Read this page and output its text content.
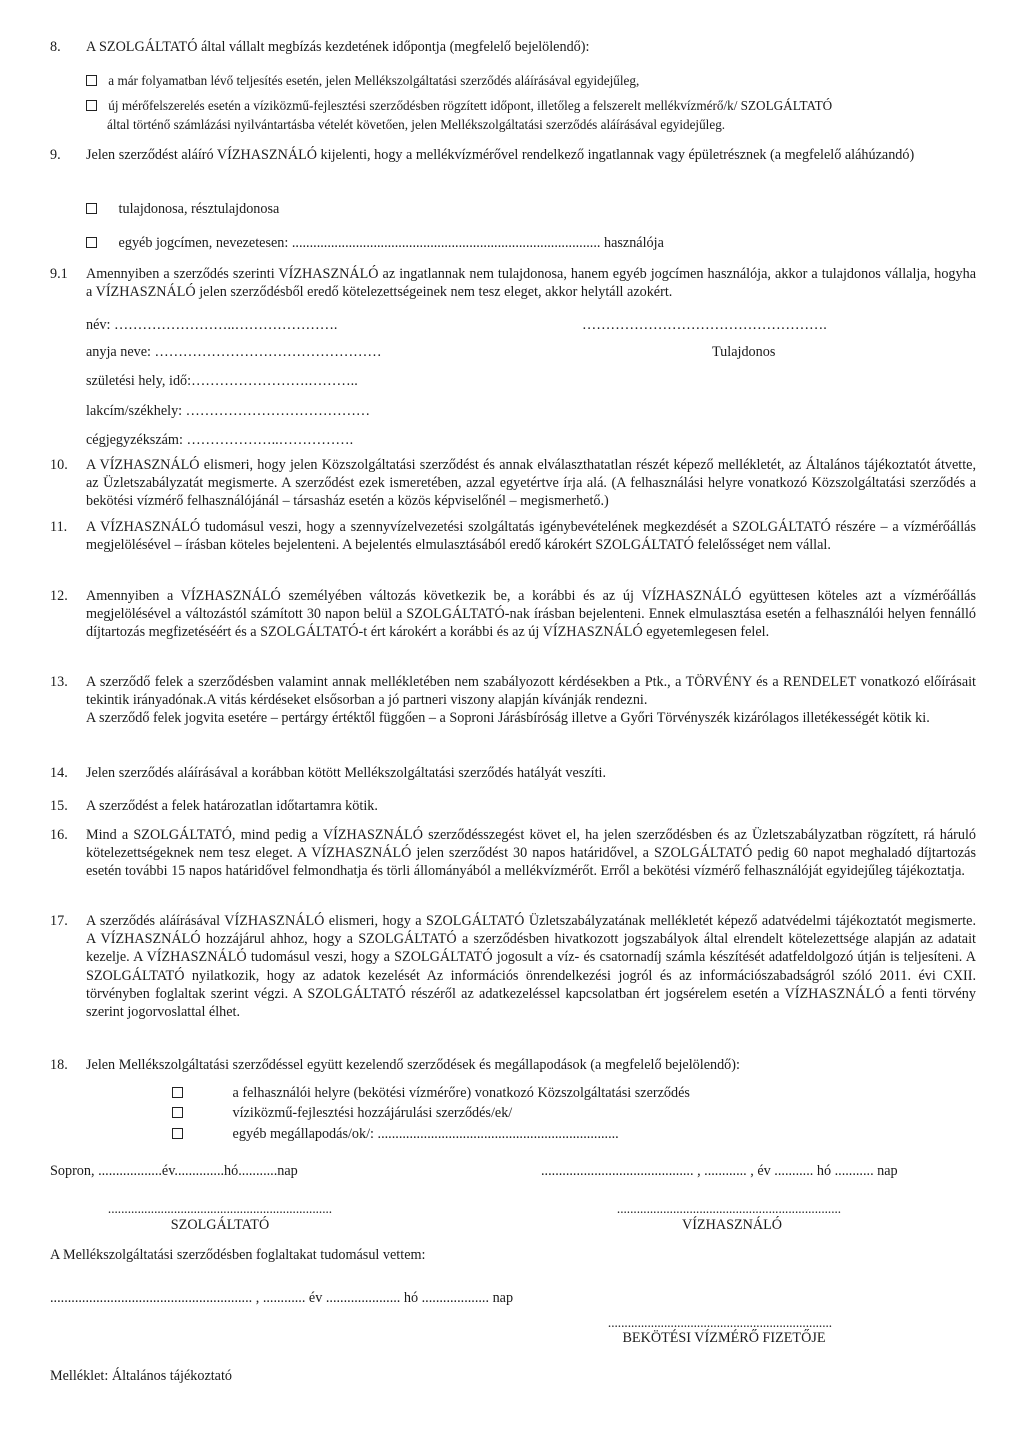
8. A SZOLGÁLTATÓ által vállalt megbízás kezdetének időpontja (megfelelő bejelölendő):
a már folyamatban lévő teljesítés esetén, jelen Mellékszolgáltatási szerződés aláírásával egyidejűleg,
új mérőfelszerelés esetén a víziközmű-fejlesztési szerződésben rögzített időpont, illetőleg a felszerelt mellékvízmérő/k/ SZOLGÁLTATÓ
által történő számlázási nyilvántartásba vételét követően, jelen Mellékszolgáltatási szerződés aláírásával egyidejűleg.
9. Jelen szerződést aláíró VÍZHASZNÁLÓ kijelenti, hogy a mellékvízmérővel rendelkező ingatlannak vagy épületrésznek (a megfelelő aláhúzandó)
tulajdonosa, résztulajdonosa
egyéb jogcímen, nevezetesen: ....................................................................................... használója
9.1 Amennyiben a szerződés szerinti VÍZHASZNÁLÓ az ingatlannak nem tulajdonosa, hanem egyéb jogcímen használója, akkor a tulajdonos vállalja, hogyha a VÍZHASZNÁLÓ jelen szerződésből eredő kötelezettségeinek nem tesz eleget, akkor helytáll azokért.
név: ……………………..………………….	…………………………………………….
anyja neve: …………………………………………	Tulajdonos
születési hely, idő:…………………….………..
lakcím/székhely: …………………………………
cégjegyzékszám: ………………..…………….
10. A VÍZHASZNÁLÓ elismeri, hogy jelen Közszolgáltatási szerződést és annak elválaszthatatlan részét képező mellékletét, az Általános tájékoztatót átvette, az Üzletszabályzatát megismerte. A szerződést ezek ismeretében, azzal egyetértve írja alá. (A felhasználási helyre vonatkozó Közszolgáltatási szerződés a bekötési vízmérő felhasználójánál – társasház esetén a közös képviselőnél – megismerhető.)
11. A VÍZHASZNÁLÓ tudomásul veszi, hogy a szennyvízelvezetési szolgáltatás igénybevételének megkezdését a SZOLGÁLTATÓ részére – a vízmérőállás megjelölésével – írásban köteles bejelenteni. A bejelentés elmulasztásából eredő károkért SZOLGÁLTATÓ felelősséget nem vállal.
12. Amennyiben a VÍZHASZNÁLÓ személyében változás következik be, a korábbi és az új VÍZHASZNÁLÓ együttesen köteles azt a vízmérőállás megjelölésével a változástól számított 30 napon belül a SZOLGÁLTATÓ-nak írásban bejelenteni. Ennek elmulasztása esetén a felhasználói helyen fennálló díjtartozás megfizetéséért és a SZOLGÁLTATÓ-t ért károkért a korábbi és az új VÍZHASZNÁLÓ egyetemlegesen felel.
13. A szerződő felek a szerződésben valamint annak mellékletében nem szabályozott kérdésekben a Ptk., a TÖRVÉNY és a RENDELET vonatkozó előírásait tekintik irányadónak.A vitás kérdéseket elsősorban a jó partneri viszony alapján kívánják rendezni.
A szerződő felek jogvita esetére – pertárgy értéktől függően – a Soproni Járásbíróság illetve a Győri Törvényszék kizárólagos illetékességét kötik ki.
14. Jelen szerződés aláírásával a korábban kötött Mellékszolgáltatási szerződés hatályát veszíti.
15. A szerződést a felek határozatlan időtartamra kötik.
16. Mind a SZOLGÁLTATÓ, mind pedig a VÍZHASZNÁLÓ szerződésszegést követ el, ha jelen szerződésben és az Üzletszabályzatban rögzített, rá háruló kötelezettségeknek nem tesz eleget. A VÍZHASZNÁLÓ jelen szerződést 30 napos határidővel, a SZOLGÁLTATÓ pedig 60 napot meghaladó díjtartozás esetén további 15 napos határidővel felmondhatja és törli állományából a mellékvízmérőt. Erről a bekötési vízmérő felhasználóját egyidejűleg tájékoztatja.
17. A szerződés aláírásával VÍZHASZNÁLÓ elismeri, hogy a SZOLGÁLTATÓ Üzletszabályzatának mellékletét képező adatvédelmi tájékoztatót megismerte. A VÍZHASZNÁLÓ hozzájárul ahhoz, hogy a SZOLGÁLTATÓ a szerződésben hivatkozott jogszabályok által elrendelt kötelezettsége alapján az adatait kezelje. A VÍZHASZNÁLÓ tudomásul veszi, hogy a SZOLGÁLTATÓ jogosult a víz- és csatornadíj számla készítését adatfeldolgozó útján is teljesíteni. A SZOLGÁLTATÓ nyilatkozik, hogy az adatok kezelését Az információs önrendelkezési jogról és az információszabadságról szóló 2011. évi CXII. törvényben foglaltak szerint végzi. A SZOLGÁLTATÓ részéről az adatkezeléssel kapcsolatban ért jogsérelem esetén a VÍZHASZNÁLÓ a fenti törvény szerint jogorvoslattal élhet.
18. Jelen Mellékszolgáltatási szerződéssel együtt kezelendő szerződések és megállapodások (a megfelelő bejelölendő):
a felhasználói helyre (bekötési vízmérőre) vonatkozó Közszolgáltatási szerződés
víziközmű-fejlesztési hozzájárulási szerződés/ek/
egyéb megállapodás/ok/: ....................................................................
Sopron, ..................év..............hó...........nap	........................................... , ............ , év ........... hó ........... nap
....................................................................	....................................................................
SZOLGÁLTATÓ	VÍZHASZNÁLÓ
A Mellékszolgáltatási szerződésben foglaltakat tudomásul vettem:
......................................................... , ............ év ..................... hó ................... nap
....................................................................
BEKÖTÉSI VÍZMÉRŐ FIZETŐJE
Melléklet: Általános tájékoztató
